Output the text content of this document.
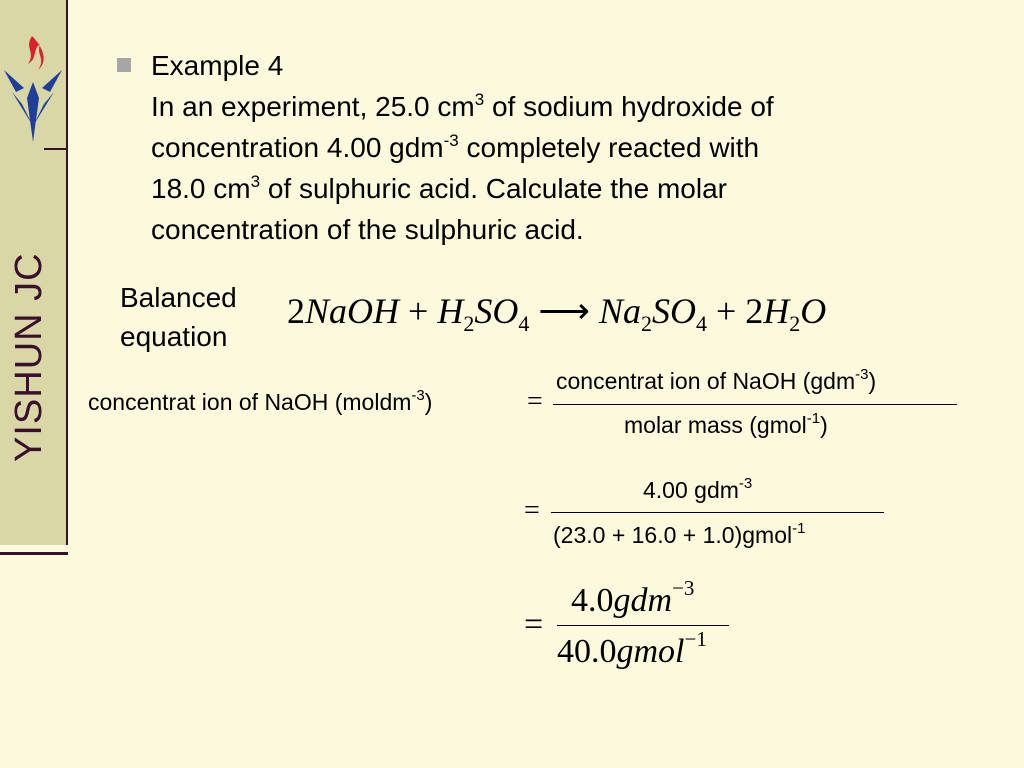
YISHUN JC
Example 4
In an experiment, 25.0 $cm^3$ of sodium hydroxide of
concentration 4.00 gdm$^{-3}$ completely reacted with
18.0 $cm^3$ of sulphuric acid. Calculate the molar
concentration of the sulphuric acid.
Balanced
equation
2NaOH + $H_2SO_4$ ⟶ $Na_2SO_4 + 2H_2O$
concentrat ion of NaOH (moldm$^{-3}$)	=
concentrat ion of NaOH (gdm$^{-3}$)
molar mass (gmol$^{-1}$)
=
4.00 gdm$^{-3}$
(23.0 + 16.0 + 1.0)gmol$^{-1}$
=
4.0gdm$^{-3}$
40.0gmol$^{-1}$
